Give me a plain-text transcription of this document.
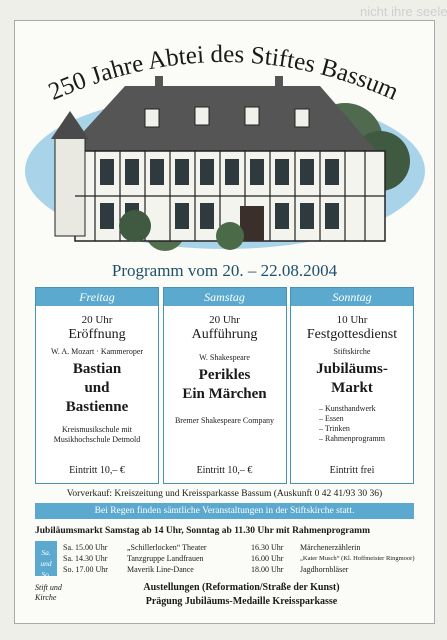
nicht ihre seele
250 Jahre Abtei des Stiftes Bassum
Programm vom 20. – 22.08.2004
Freitag
20 Uhr
Eröffnung
W. A. Mozart · Kammeroper
Bastian
und
Bastienne
Kreismusikschule mit
Musikhochschule Detmold
Eintritt 10,– €
Samstag
20 Uhr
Aufführung
W. Shakespeare
Perikles
Ein Märchen
Bremer Shakespeare Company
Eintritt 10,– €
Sonntag
10 Uhr
Festgottesdienst
Stiftskirche
Jubiläums-
Markt
– Kunsthandwerk
– Essen
– Trinken
– Rahmenprogramm
Eintritt frei
Vorverkauf: Kreiszeitung und Kreissparkasse Bassum (Auskunft 0 42 41/93 30 36)
Bei Regen finden sämtliche Veranstaltungen in der Stiftskirche statt.
Jubiläumsmarkt Samstag ab 14 Uhr, Sonntag ab 11.30 Uhr mit Rahmenprogramm
Sa.
und
So.
Sa. 15.00 Uhr „Schillerlocken“ Theater	16.30 Uhr Märchenerzählerin
Sa. 14.30 Uhr Tanzgruppe Landfrauen	16.00 Uhr	„Kater Musch“ (Kl. Hoffmeister Ringmoor)
So. 17.00 Uhr Maverik Line-Dance	18.00 Uhr Jagdhornbläser
Stift und
Kirche
Austellungen (Reformation/Straße der Kunst)
Prägung Jubiläums-Medaille Kreissparkasse
